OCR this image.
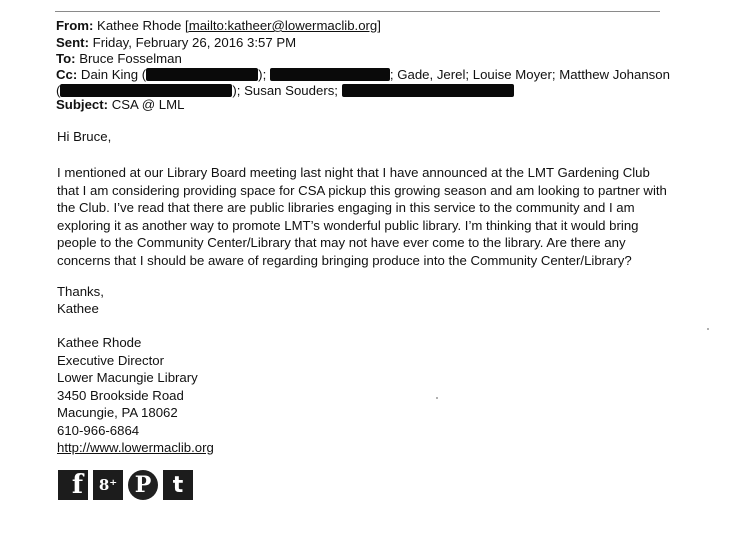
From: Kathee Rhode [mailto:katheer@lowermaclib.org]
Sent: Friday, February 26, 2016 3:57 PM
To: Bruce Fosselman
Cc: Dain King (	);	; Gade, Jerel; Louise Moyer; Matthew Johanson
(	); Susan Souders;
Subject: CSA @ LML
Hi Bruce,
I mentioned at our Library Board meeting last night that I have announced at the LMT Gardening Club
that I am considering providing space for CSA pickup this growing season and am looking to partner with
the Club. I’ve read that there are public libraries engaging in this service to the community and I am
exploring it as another way to promote LMT’s wonderful public library. I’m thinking that it would bring
people to the Community Center/Library that may not have ever come to the library. Are there any
concerns that I should be aware of regarding bringing produce into the Community Center/Library?
Thanks,
Kathee
Kathee Rhode
Executive Director
Lower Macungie Library
3450 Brookside Road
Macungie, PA 18062
610-966-6864
http://www.lowermaclib.org
f	8⁺ P t
